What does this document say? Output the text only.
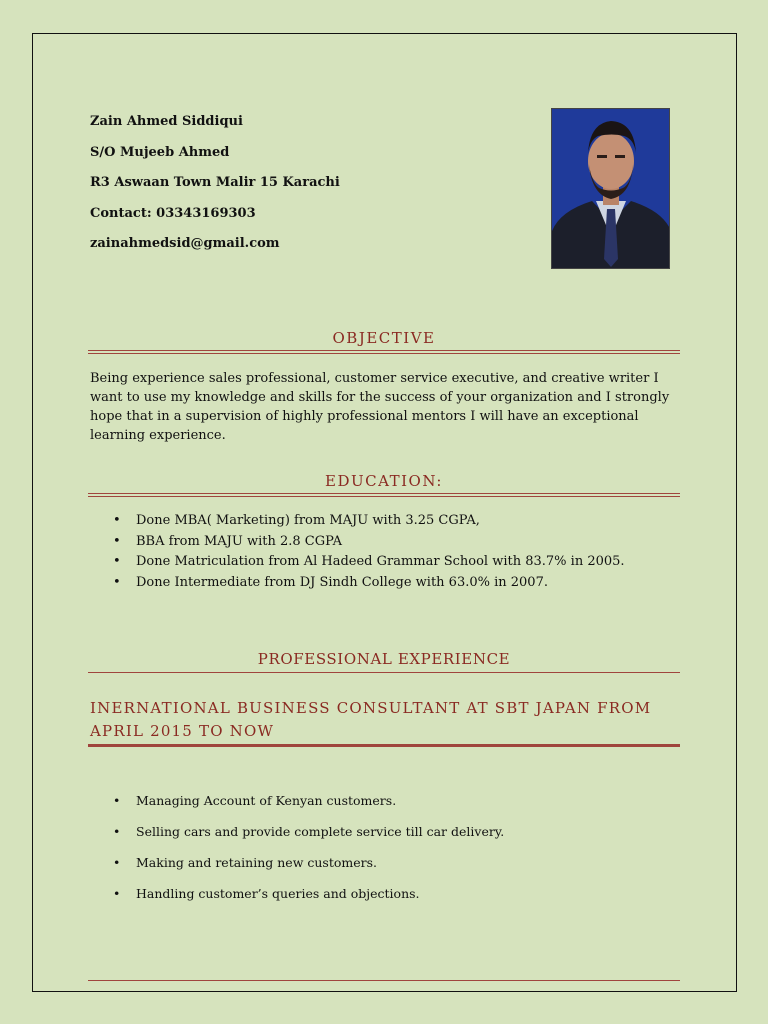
Zain Ahmed Siddiqui
S/O Mujeeb Ahmed
R3 Aswaan Town Malir 15 Karachi
Contact: 03343169303
zainahmedsid@gmail.com
OBJECTIVE
Being experience sales professional, customer service executive, and creative writer I want to use my knowledge and skills for the success of your organization and I strongly hope that in a supervision of highly professional mentors I will have an exceptional learning experience.
EDUCATION:
• Done MBA( Marketing) from MAJU with 3.25 CGPA,
• BBA from MAJU with 2.8 CGPA
• Done Matriculation from Al Hadeed Grammar School with 83.7% in 2005.
• Done Intermediate from DJ Sindh College with 63.0% in 2007.
PROFESSIONAL EXPERIENCE
INERNATIONAL BUSINESS CONSULTANT AT SBT JAPAN FROM APRIL 2015 TO NOW
• Managing Account of Kenyan customers.
• Selling cars and provide complete service till car delivery.
• Making and retaining new customers.
• Handling customer’s queries and objections.
